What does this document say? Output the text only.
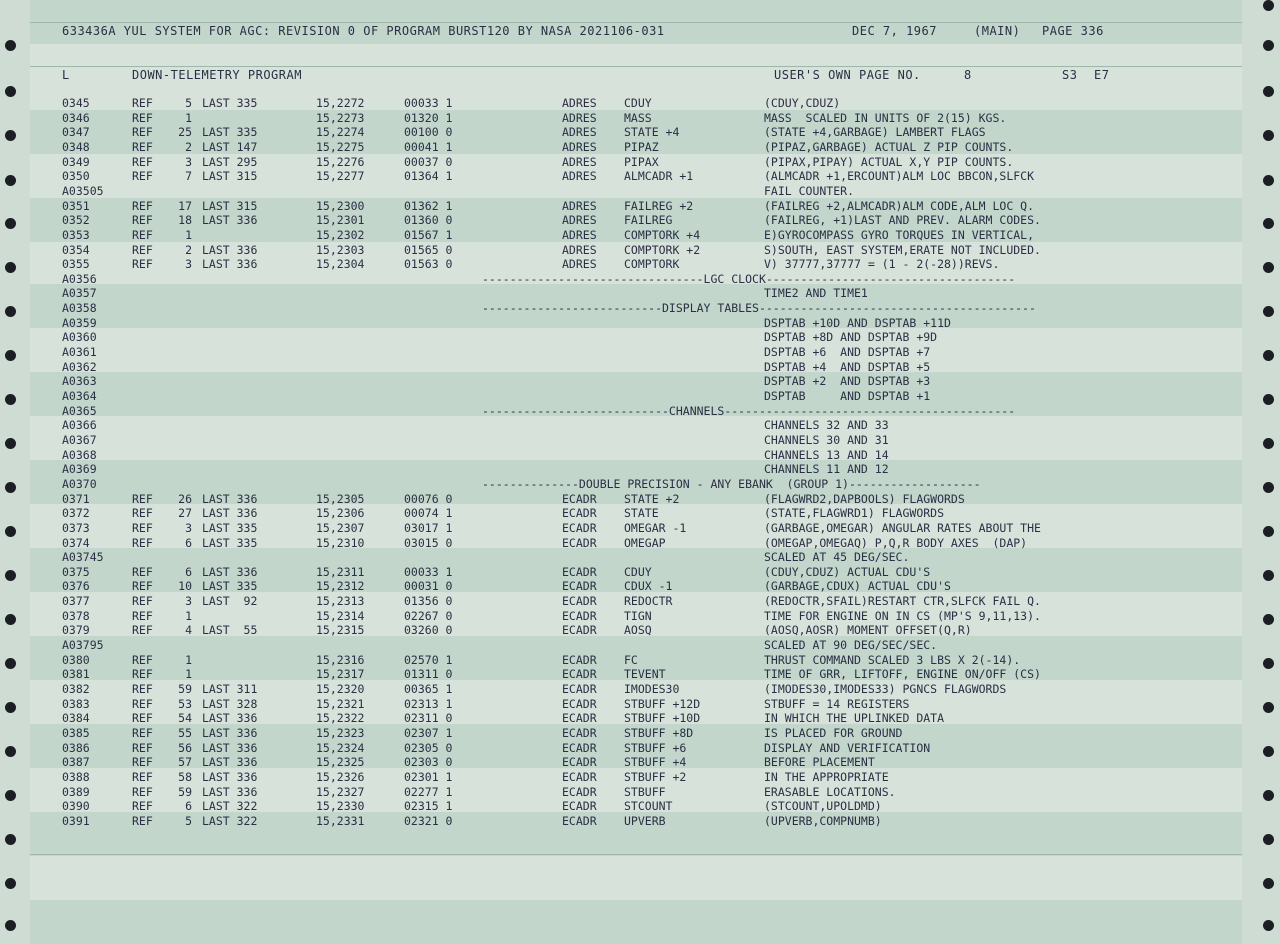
633436A YUL SYSTEM FOR AGC: REVISION 0 OF PROGRAM BURST120 BY NASA 2021106-031	DEC 7, 1967	(MAIN) PAGE 336
L	DOWN-TELEMETRY PROGRAM	USER'S OWN PAGE NO.	8	S3 E7
0345	REF	5 LAST 335	15,2272	00033 1	ADRES CDUY	(CDUY,CDUZ)
0346	REF	1	15,2273	01320 1	ADRES MASS	MASS  SCALED IN UNITS OF 2(15) KGS.
0347	REF	25 LAST 335	15,2274	00100 0	ADRES STATE +4	(STATE +4,GARBAGE) LAMBERT FLAGS
0348	REF	2 LAST 147	15,2275	00041 1	ADRES PIPAZ	(PIPAZ,GARBAGE) ACTUAL Z PIP COUNTS.
0349	REF	3 LAST 295	15,2276	00037 0	ADRES PIPAX	(PIPAX,PIPAY) ACTUAL X,Y PIP COUNTS.
0350	REF	7 LAST 315	15,2277	01364 1	ADRES ALMCADR +1	(ALMCADR +1,ERCOUNT)ALM LOC BBCON,SLFCK
A03505	FAIL COUNTER.
0351	REF	17 LAST 315	15,2300	01362 1	ADRES FAILREG +2	(FAILREG +2,ALMCADR)ALM CODE,ALM LOC Q.
0352	REF	18 LAST 336	15,2301	01360 0	ADRES FAILREG	(FAILREG, +1)LAST AND PREV. ALARM CODES.
0353	REF	1	15,2302	01567 1	ADRES COMPTORK +4	E)GYROCOMPASS GYRO TORQUES IN VERTICAL,
0354	REF	2 LAST 336	15,2303	01565 0	ADRES COMPTORK +2	S)SOUTH, EAST SYSTEM,ERATE NOT INCLUDED.
0355	REF	3 LAST 336	15,2304	01563 0	ADRES COMPTORK	V) 37777,37777 = (1 - 2(-28))REVS.
A0356	--------------------------------LGC CLOCK------------------------------------
A0357	TIME2 AND TIME1
A0358	--------------------------DISPLAY TABLES----------------------------------------
A0359	DSPTAB +10D AND DSPTAB +11D
A0360	DSPTAB +8D AND DSPTAB +9D
A0361	DSPTAB +6  AND DSPTAB +7
A0362	DSPTAB +4  AND DSPTAB +5
A0363	DSPTAB +2  AND DSPTAB +3
A0364	DSPTAB     AND DSPTAB +1
A0365	---------------------------CHANNELS------------------------------------------
A0366	CHANNELS 32 AND 33
A0367	CHANNELS 30 AND 31
A0368	CHANNELS 13 AND 14
A0369	CHANNELS 11 AND 12
A0370	--------------DOUBLE PRECISION - ANY EBANK  (GROUP 1)-------------------
0371	REF	26 LAST 336	15,2305	00076 0	ECADR STATE +2	(FLAGWRD2,DAPBOOLS) FLAGWORDS
0372	REF	27 LAST 336	15,2306	00074 1	ECADR STATE	(STATE,FLAGWRD1) FLAGWORDS
0373	REF	3 LAST 335	15,2307	03017 1	ECADR OMEGAR -1	(GARBAGE,OMEGAR) ANGULAR RATES ABOUT THE
0374	REF	6 LAST 335	15,2310	03015 0	ECADR OMEGAP	(OMEGAP,OMEGAQ) P,Q,R BODY AXES  (DAP)
A03745	SCALED AT 45 DEG/SEC.
0375	REF	6 LAST 336	15,2311	00033 1	ECADR CDUY	(CDUY,CDUZ) ACTUAL CDU'S
0376	REF	10 LAST 335	15,2312	00031 0	ECADR CDUX -1	(GARBAGE,CDUX) ACTUAL CDU'S
0377	REF	3 LAST  92	15,2313	01356 0	ECADR REDOCTR	(REDOCTR,SFAIL)RESTART CTR,SLFCK FAIL Q.
0378	REF	1	15,2314	02267 0	ECADR TIGN	TIME FOR ENGINE ON IN CS (MP'S 9,11,13).
0379	REF	4 LAST  55	15,2315	03260 0	ECADR AOSQ	(AOSQ,AOSR) MOMENT OFFSET(Q,R)
A03795	SCALED AT 90 DEG/SEC/SEC.
0380	REF	1	15,2316	02570 1	ECADR FC	THRUST COMMAND SCALED 3 LBS X 2(-14).
0381	REF	1	15,2317	01311 0	ECADR TEVENT	TIME OF GRR, LIFTOFF, ENGINE ON/OFF (CS)
0382	REF	59 LAST 311	15,2320	00365 1	ECADR IMODES30	(IMODES30,IMODES33) PGNCS FLAGWORDS
0383	REF	53 LAST 328	15,2321	02313 1	ECADR STBUFF +12D	STBUFF = 14 REGISTERS
0384	REF	54 LAST 336	15,2322	02311 0	ECADR STBUFF +10D	IN WHICH THE UPLINKED DATA
0385	REF	55 LAST 336	15,2323	02307 1	ECADR STBUFF +8D	IS PLACED FOR GROUND
0386	REF	56 LAST 336	15,2324	02305 0	ECADR STBUFF +6	DISPLAY AND VERIFICATION
0387	REF	57 LAST 336	15,2325	02303 0	ECADR STBUFF +4	BEFORE PLACEMENT
0388	REF	58 LAST 336	15,2326	02301 1	ECADR STBUFF +2	IN THE APPROPRIATE
0389	REF	59 LAST 336	15,2327	02277 1	ECADR STBUFF	ERASABLE LOCATIONS.
0390	REF	6 LAST 322	15,2330	02315 1	ECADR STCOUNT	(STCOUNT,UPOLDMD)
0391	REF	5 LAST 322	15,2331	02321 0	ECADR UPVERB	(UPVERB,COMPNUMB)
